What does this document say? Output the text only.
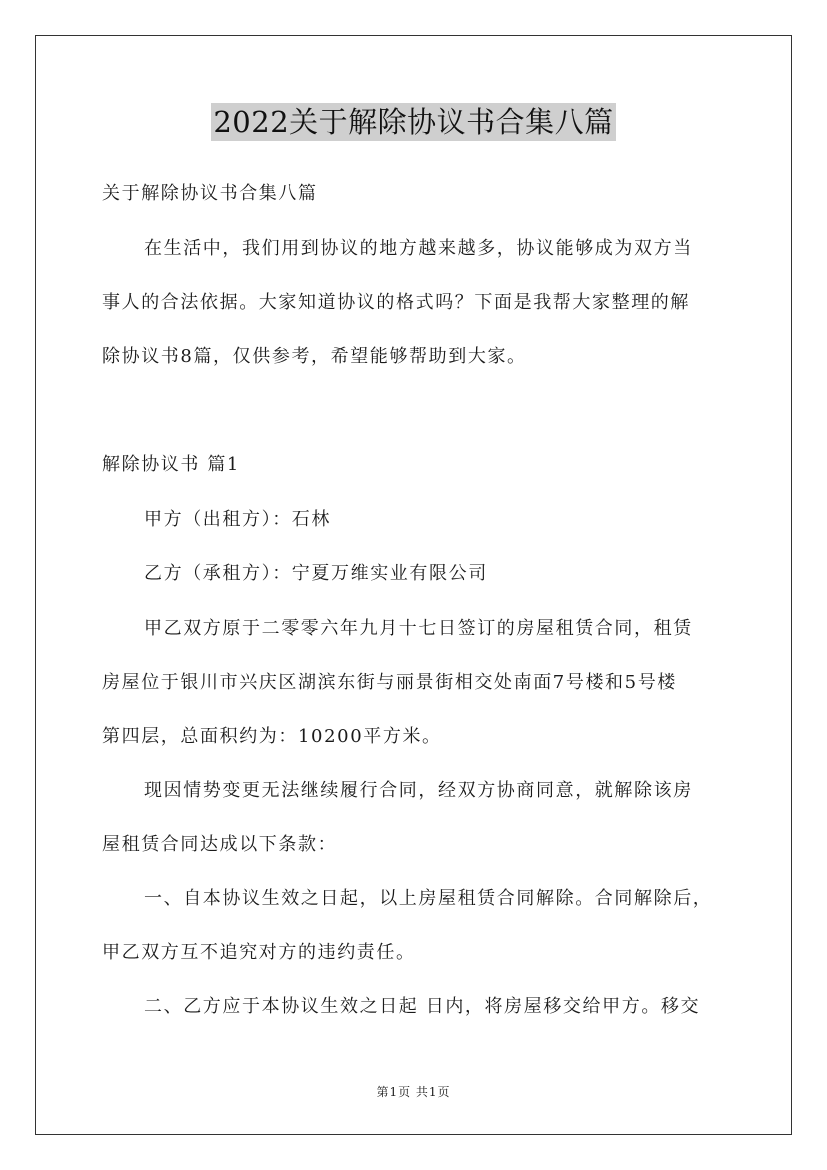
2022关于解除协议书合集八篇
关于解除协议书合集八篇
在生活中，我们用到协议的地方越来越多，协议能够成为双方当
事人的合法依据。大家知道协议的格式吗？下面是我帮大家整理的解
除协议书8篇，仅供参考，希望能够帮助到大家。
解除协议书 篇1
甲方（出租方）：石林
乙方（承租方）：宁夏万维实业有限公司
甲乙双方原于二零零六年九月十七日签订的房屋租赁合同，租赁
房屋位于银川市兴庆区湖滨东街与丽景街相交处南面7号楼和5号楼
第四层，总面积约为：10200平方米。
现因情势变更无法继续履行合同，经双方协商同意，就解除该房
屋租赁合同达成以下条款：
一、自本协议生效之日起，以上房屋租赁合同解除。合同解除后，
甲乙双方互不追究对方的违约责任。
二、乙方应于本协议生效之日起 日内，将房屋移交给甲方。移交
第1页 共1页
